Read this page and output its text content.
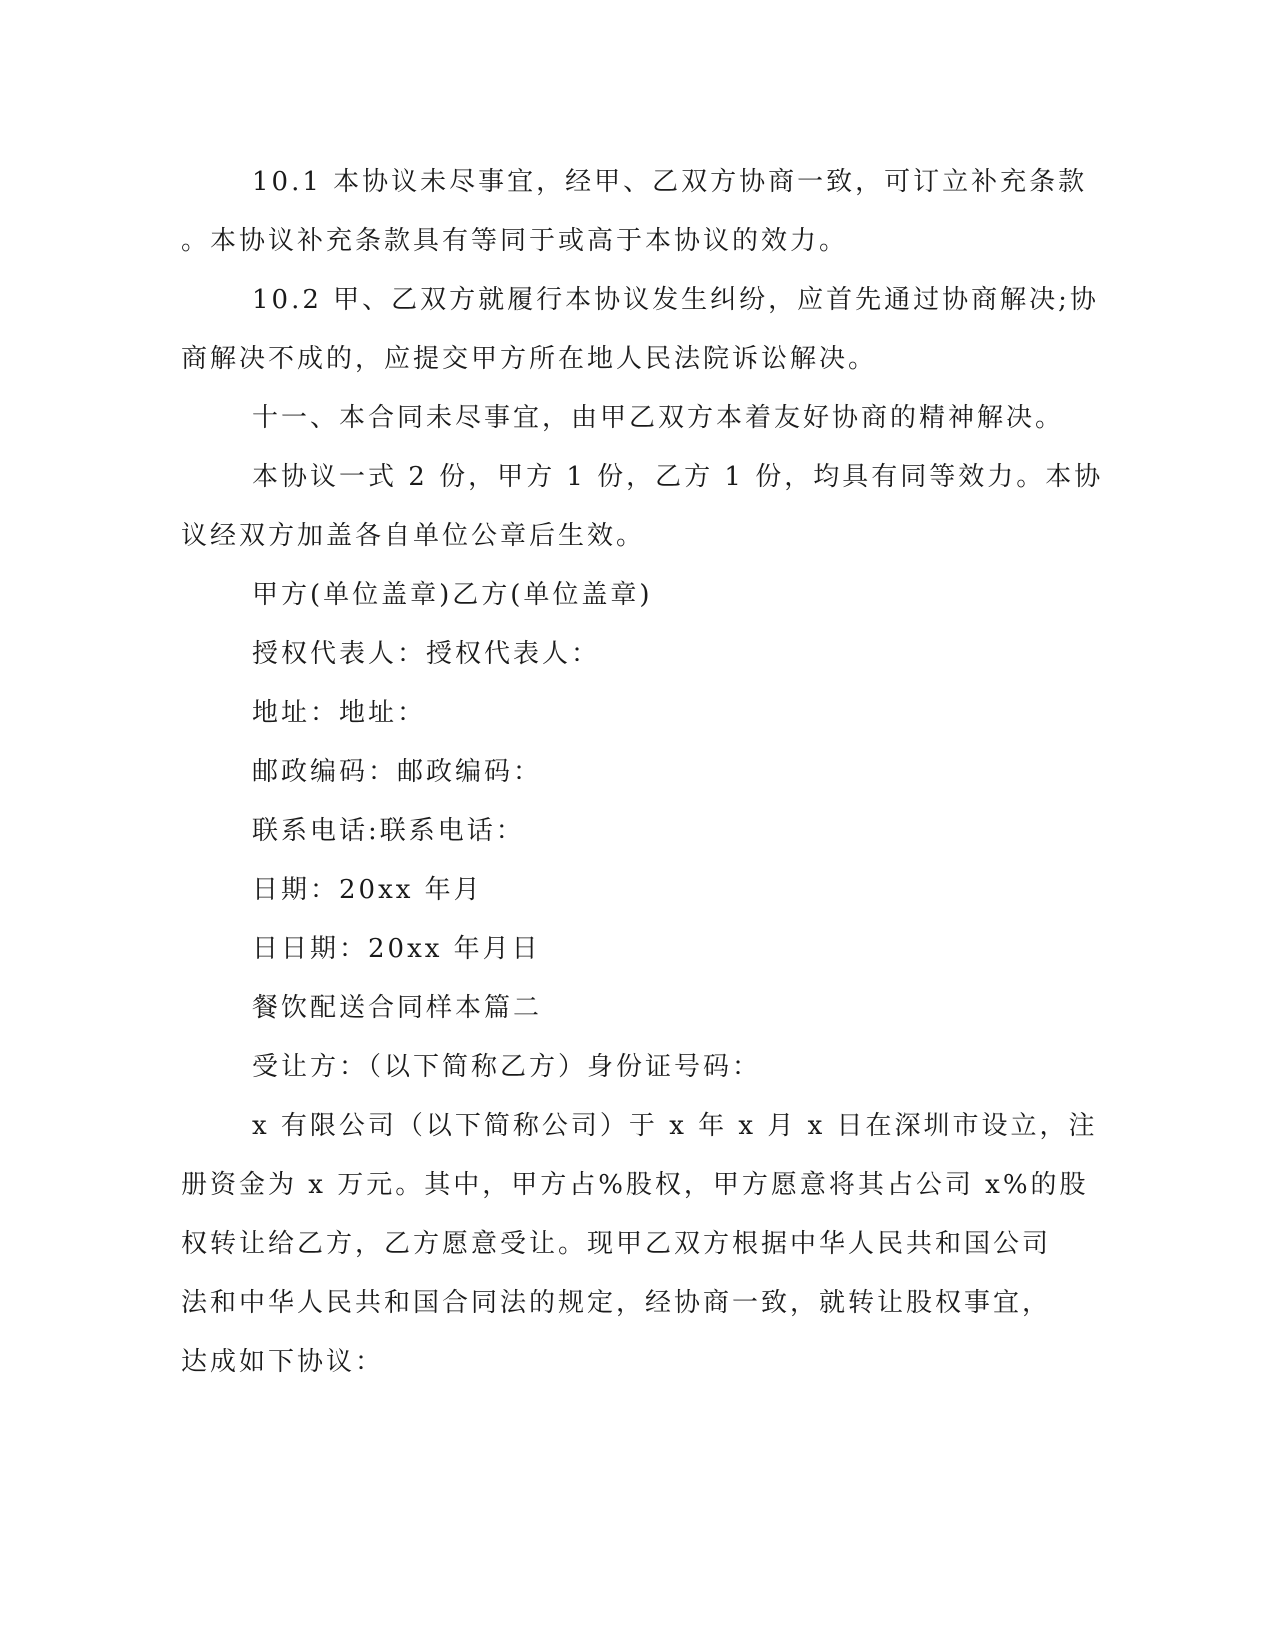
10.1 本协议未尽事宜，经甲、乙双方协商一致，可订立补充条款

。本协议补充条款具有等同于或高于本协议的效力。

10.2 甲、乙双方就履行本协议发生纠纷，应首先通过协商解决;协

商解决不成的，应提交甲方所在地人民法院诉讼解决。

十一、本合同未尽事宜，由甲乙双方本着友好协商的精神解决。

本协议一式 2 份，甲方 1 份，乙方 1 份，均具有同等效力。本协

议经双方加盖各自单位公章后生效。

甲方(单位盖章)乙方(单位盖章)

授权代表人：授权代表人：

地址：地址：

邮政编码：邮政编码：

联系电话:联系电话：

日期：20xx 年月

日日期：20xx 年月日

餐饮配送合同样本篇二

受让方：（以下简称乙方）身份证号码：

x 有限公司（以下简称公司）于 x 年 x 月 x 日在深圳市设立，注

册资金为 x 万元。其中，甲方占%股权，甲方愿意将其占公司 x%的股

权转让给乙方，乙方愿意受让。现甲乙双方根据中华人民共和国公司

法和中华人民共和国合同法的规定，经协商一致，就转让股权事宜，

达成如下协议：
